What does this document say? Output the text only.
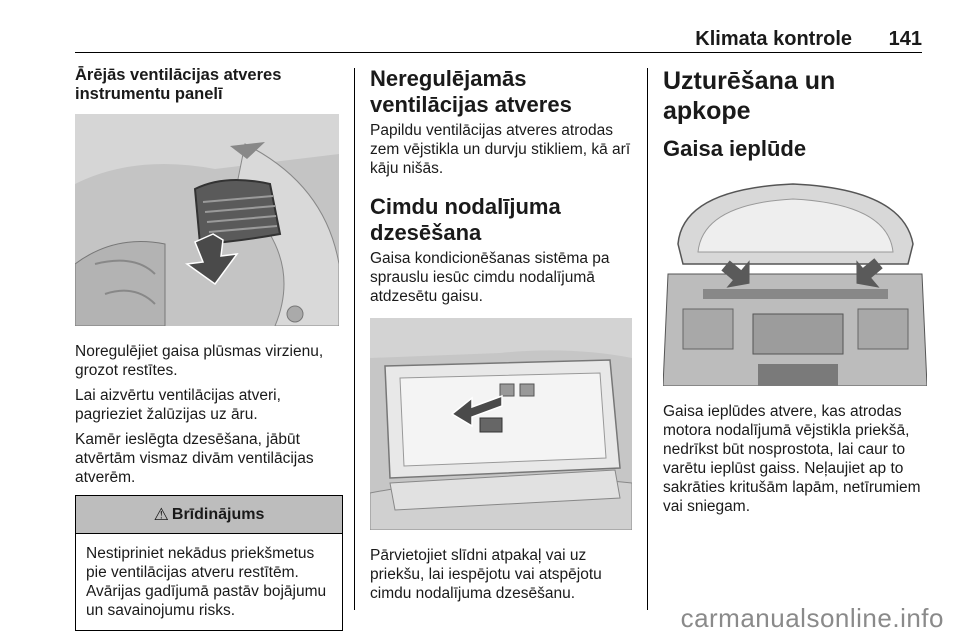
Klimata kontrole 141
Ārējās ventilācijas atveres instrumentu panelī

Noregulējiet gaisa plūsmas virzienu, grozot restītes.

Lai aizvērtu ventilācijas atveri, pagrieziet žalūzijas uz āru.

Kamēr ieslēgta dzesēšana, jābūt atvērtām vismaz divām ventilācijas atverēm.

⚠ Brīdinājums
Nestipriniet nekādus priekšmetus pie ventilācijas atveru restītēm. Avārijas gadījumā pastāv bojājumu un savainojumu risks.
Neregulējamās ventilācijas atveres

Papildu ventilācijas atveres atrodas zem vējstikla un durvju stikliem, kā arī kāju nišās.

Cimdu nodalījuma dzesēšana

Gaisa kondicionēšanas sistēma pa sprauslu iesūc cimdu nodalījumā atdzesētu gaisu.

Pārvietojiet slīdni atpakaļ vai uz priekšu, lai iespējotu vai atspējotu cimdu nodalījuma dzesēšanu.

Uzturēšana un apkope
Gaisa ieplūde

Gaisa ieplūdes atvere, kas atrodas motora nodalījumā vējstikla priekšā, nedrīkst būt nosprostota, lai caur to varētu ieplūst gaiss. Neļaujiet ap to sakrāties kritušām lapām, netīrumiem vai sniegam.

carmanualsonline.info
